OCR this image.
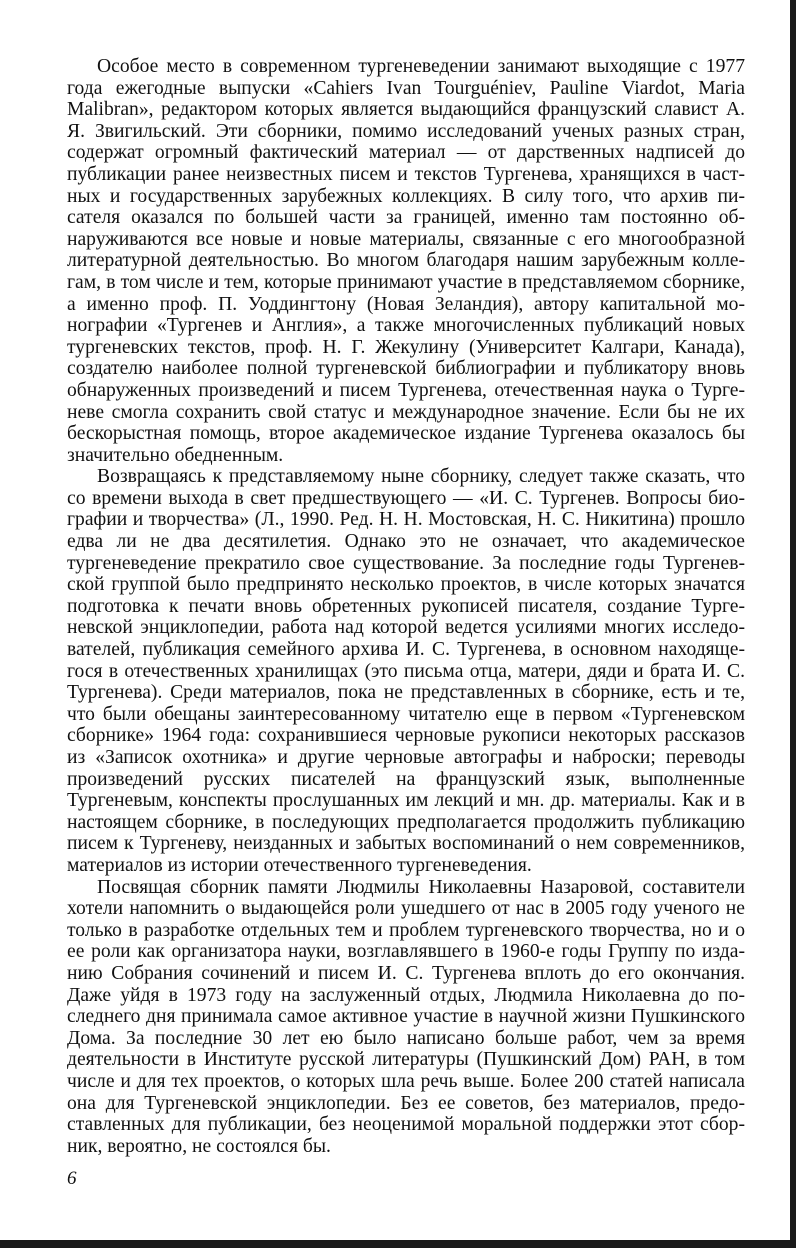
Особое место в современном тургеневедении занимают выходящие с 1977 года ежегодные выпуски «Cahiers Ivan Tourguéniev, Pauline Viardot, Maria Malibran», редактором которых является выдающийся французский славист А. Я. Звигильский. Эти сборники, помимо исследований ученых разных стран, содержат огромный фактический материал — от дарственных надписей до публикации ранее неизвестных писем и текстов Тургенева, хранящихся в частных и государственных зарубежных коллекциях. В силу того, что архив писателя оказался по большей части за границей, именно там постоянно обнаруживаются все новые и новые материалы, связанные с его многообразной литературной деятельностью. Во многом благодаря нашим зарубежным коллегам, в том числе и тем, которые принимают участие в представляемом сборнике, а именно проф. П. Уоддингтону (Новая Зеландия), автору капитальной монографии «Тургенев и Англия», а также многочисленных публикаций новых тургеневских текстов, проф. Н. Г. Жекулину (Университет Калгари, Канада), создателю наиболее полной тургеневской библиографии и публикатору вновь обнаруженных произведений и писем Тургенева, отечественная наука о Тургеневе смогла сохранить свой статус и международное значение. Если бы не их бескорыстная помощь, второе академическое издание Тургенева оказалось бы значительно обедненным.

Возвращаясь к представляемому ныне сборнику, следует также сказать, что со времени выхода в свет предшествующего — «И. С. Тургенев. Вопросы биографии и творчества» (Л., 1990. Ред. Н. Н. Мостовская, Н. С. Никитина) прошло едва ли не два десятилетия. Однако это не означает, что академическое тургеневедение прекратило свое существование. За последние годы Тургеневской группой было предпринято несколько проектов, в числе которых значатся подготовка к печати вновь обретенных рукописей писателя, создание Тургеневской энциклопедии, работа над которой ведется усилиями многих исследователей, публикация семейного архива И. С. Тургенева, в основном находящегося в отечественных хранилищах (это письма отца, матери, дяди и брата И. С. Тургенева). Среди материалов, пока не представленных в сборнике, есть и те, что были обещаны заинтересованному читателю еще в первом «Тургеневском сборнике» 1964 года: сохранившиеся черновые рукописи некоторых рассказов из «Записок охотника» и другие черновые автографы и наброски; переводы произведений русских писателей на французский язык, выполненные Тургеневым, конспекты прослушанных им лекций и мн. др. материалы. Как и в настоящем сборнике, в последующих предполагается продолжить публикацию писем к Тургеневу, неизданных и забытых воспоминаний о нем современников, материалов из истории отечественного тургеневедения.

Посвящая сборник памяти Людмилы Николаевны Назаровой, составители хотели напомнить о выдающейся роли ушедшего от нас в 2005 году ученого не только в разработке отдельных тем и проблем тургеневского творчества, но и о ее роли как организатора науки, возглавлявшего в 1960-е годы Группу по изданию Собрания сочинений и писем И. С. Тургенева вплоть до его окончания. Даже уйдя в 1973 году на заслуженный отдых, Людмила Николаевна до последнего дня принимала самое активное участие в научной жизни Пушкинского Дома. За последние 30 лет ею было написано больше работ, чем за время деятельности в Институте русской литературы (Пушкинский Дом) РАН, в том числе и для тех проектов, о которых шла речь выше. Более 200 статей написала она для Тургеневской энциклопедии. Без ее советов, без материалов, предоставленных для публикации, без неоценимой моральной поддержки этот сборник, вероятно, не состоялся бы.

6
